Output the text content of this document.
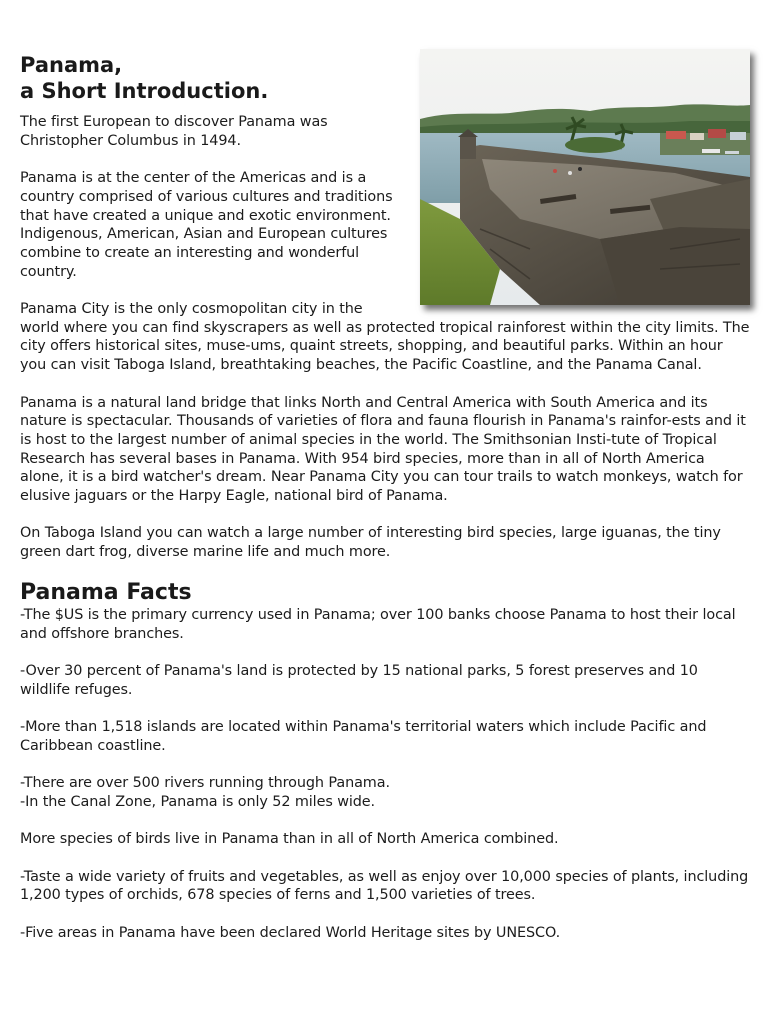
Panama,
a Short Introduction.

The first European to discover Panama was Christopher Columbus in 1494.

Panama is at the center of the Americas and is a country comprised of various cultures and traditions that have created a unique and exotic environment. Indigenous, American, Asian and European cultures combine to create an interesting and wonderful country.

Panama City is the only cosmopolitan city in the world where you can find skyscrapers as well as protected tropical rainforest within the city limits. The city offers historical sites, muse-ums, quaint streets, shopping, and beautiful parks. Within an hour you can visit Taboga Island, breathtaking beaches, the Pacific Coastline, and the Panama Canal.

Panama is a natural land bridge that links North and Central America with South America and its nature is spectacular. Thousands of varieties of flora and fauna flourish in Panama's rainfor-ests and it is host to the largest number of animal species in the world. The Smithsonian Insti-tute of Tropical Research has several bases in Panama. With 954 bird species, more than in all of North America alone, it is a bird watcher's dream. Near Panama City you can tour trails to watch monkeys, watch for elusive jaguars or the Harpy Eagle, national bird of Panama.

On Taboga Island you can watch a large number of interesting bird species, large iguanas, the tiny green dart frog, diverse marine life and much more.

Panama Facts

-The $US is the primary currency used in Panama; over 100 banks choose Panama to host their local and offshore branches.

-Over 30 percent of Panama's land is protected by 15 national parks, 5 forest preserves and 10 wildlife refuges.

-More than 1,518 islands are located within Panama's territorial waters which include Pacific and Caribbean coastline.

-There are over 500 rivers running through Panama.

-In the Canal Zone, Panama is only 52 miles wide.

More species of birds live in Panama than in all of North America combined.

-Taste a wide variety of fruits and vegetables, as well as enjoy over 10,000 species of plants, including 1,200 types of orchids, 678 species of ferns and 1,500 varieties of trees.

-Five areas in Panama have been declared World Heritage sites by UNESCO.
